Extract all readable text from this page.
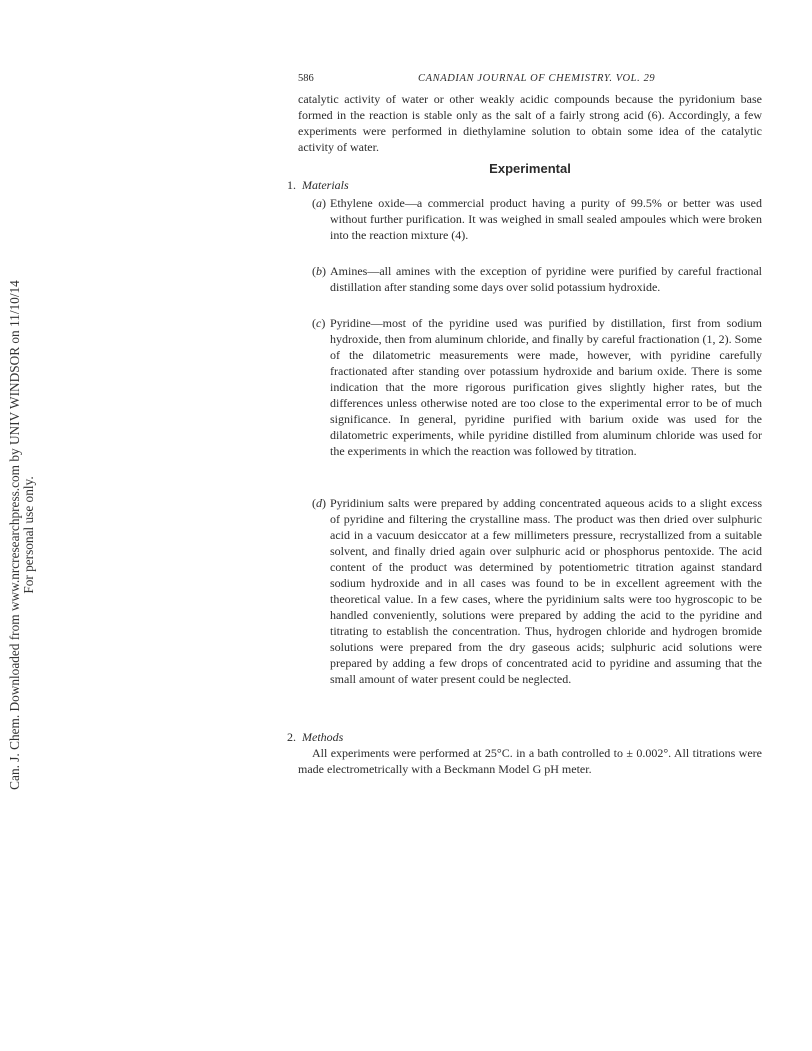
586	CANADIAN JOURNAL OF CHEMISTRY. VOL. 29
Can. J. Chem. Downloaded from www.nrcresearchpress.com by UNIV WINDSOR on 11/10/14 For personal use only.

catalytic activity of water or other weakly acidic compounds because the pyridonium base formed in the reaction is stable only as the salt of a fairly strong acid (6). Accordingly, a few experiments were performed in diethylamine solution to obtain some idea of the catalytic activity of water.

Experimental
1. Materials
(a) Ethylene oxide—a commercial product having a purity of 99.5% or better was used without further purification. It was weighed in small sealed ampoules which were broken into the reaction mixture (4).

(b) Amines—all amines with the exception of pyridine were purified by careful fractional distillation after standing some days over solid potassium hydroxide.

(c) Pyridine—most of the pyridine used was purified by distillation, first from sodium hydroxide, then from aluminum chloride, and finally by careful fractionation (1, 2). Some of the dilatometric measurements were made, however, with pyridine carefully fractionated after standing over potassium hydroxide and barium oxide. There is some indication that the more rigorous purification gives slightly higher rates, but the differences unless otherwise noted are too close to the experimental error to be of much significance. In general, pyridine purified with barium oxide was used for the dilatometric experiments, while pyridine distilled from aluminum chloride was used for the experiments in which the reaction was followed by titration.

(d) Pyridinium salts were prepared by adding concentrated aqueous acids to a slight excess of pyridine and filtering the crystalline mass. The product was then dried over sulphuric acid in a vacuum desiccator at a few millimeters pressure, recrystallized from a suitable solvent, and finally dried again over sulphuric acid or phosphorus pentoxide. The acid content of the product was determined by potentiometric titration against standard sodium hydroxide and in all cases was found to be in excellent agreement with the theoretical value. In a few cases, where the pyridinium salts were too hygroscopic to be handled conveniently, solutions were prepared by adding the acid to the pyridine and titrating to establish the concentration. Thus, hydrogen chloride and hydrogen bromide solutions were prepared from the dry gaseous acids; sulphuric acid solutions were prepared by adding a few drops of concentrated acid to pyridine and assuming that the small amount of water present could be neglected.

2. Methods

All experiments were performed at 25°C. in a bath controlled to ± 0.002°. All titrations were made electrometrically with a Beckmann Model G pH meter.
